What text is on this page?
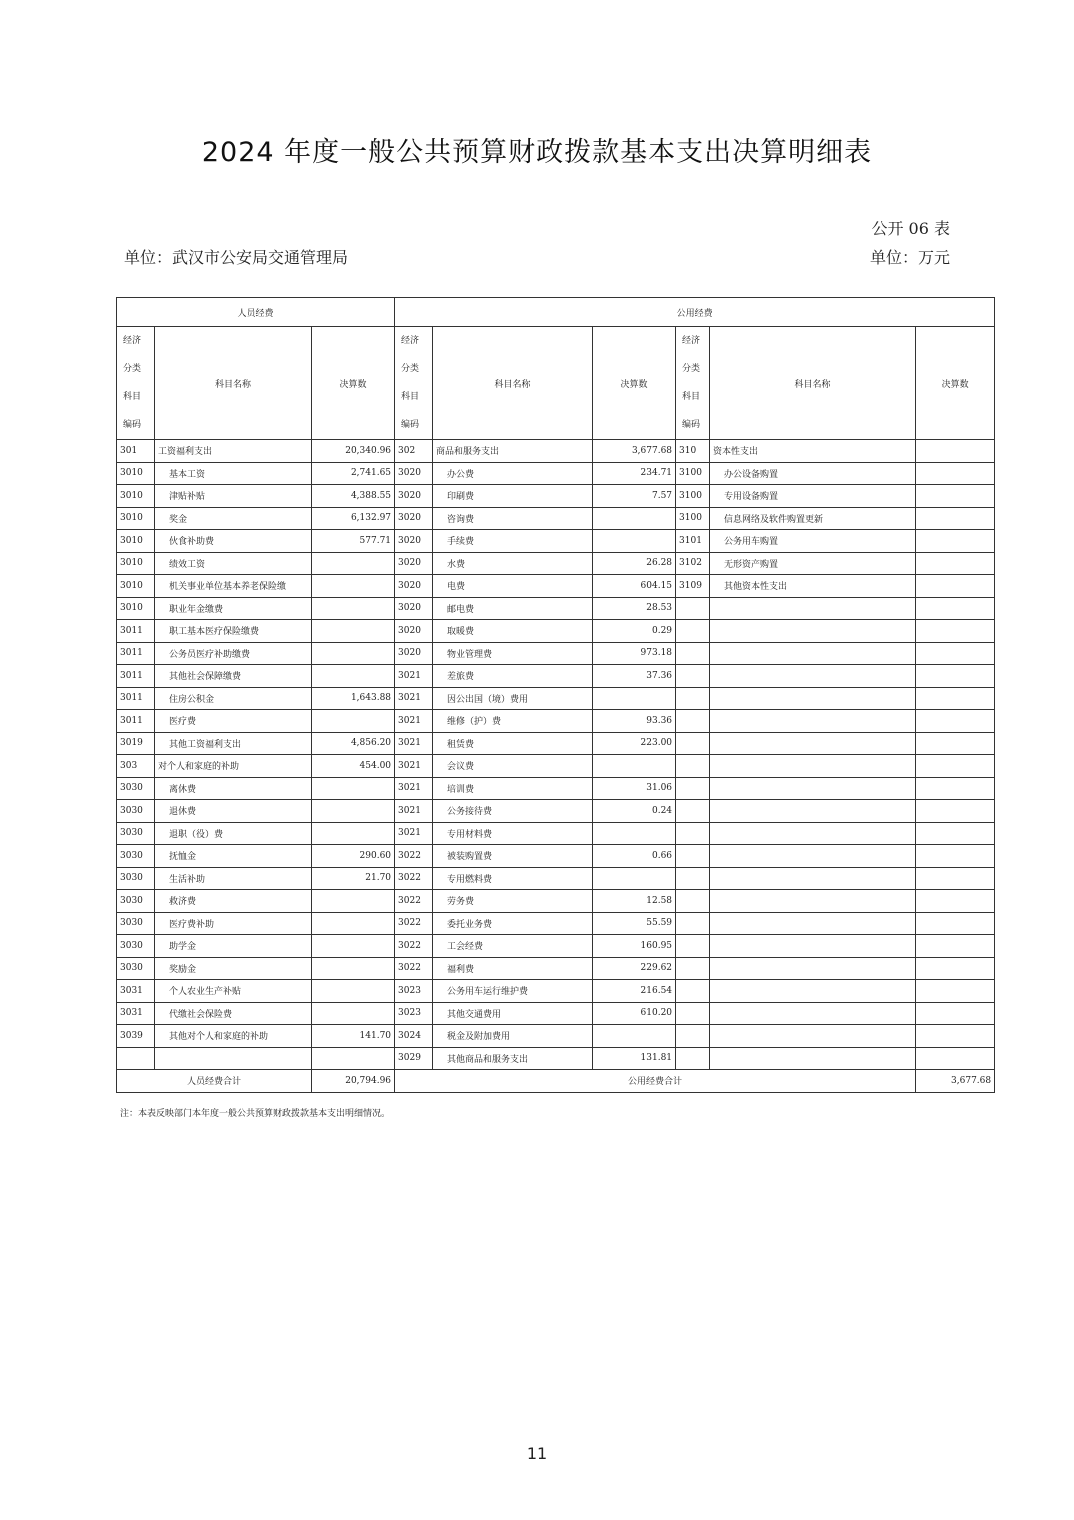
2024 年度一般公共预算财政拨款基本支出决算明细表
公开 06 表
单位：武汉市公安局交通管理局	单位：万元
人员经费			公用经费					
经济
分类
科目
编码	科目名称	决算数	经济
分类
科目
编码	科目名称	决算数	经济
分类
科目
编码	科目名称	决算数
301	工资福利支出	20,340.96	302	商品和服务支出	3,677.68	310	资本性支出	
3010	基本工资	2,741.65	3020	办公费	234.71	3100	办公设备购置	
3010	津贴补贴	4,388.55	3020	印刷费	7.57	3100	专用设备购置	
3010	奖金	6,132.97	3020	咨询费		3100	信息网络及软件购置更新	
3010	伙食补助费	577.71	3020	手续费		3101	公务用车购置	
3010	绩效工资		3020	水费	26.28	3102	无形资产购置	
3010	机关事业单位基本养老保险缴		3020	电费	604.15	3109	其他资本性支出	
3010	职业年金缴费		3020	邮电费	28.53			
3011	职工基本医疗保险缴费		3020	取暖费	0.29			
3011	公务员医疗补助缴费		3020	物业管理费	973.18			
3011	其他社会保障缴费		3021	差旅费	37.36			
3011	住房公积金	1,643.88	3021	因公出国（境）费用				
3011	医疗费		3021	维修（护）费	93.36			
3019	其他工资福利支出	4,856.20	3021	租赁费	223.00			
303	对个人和家庭的补助	454.00	3021	会议费				
3030	离休费		3021	培训费	31.06			
3030	退休费		3021	公务接待费	0.24			
3030	退职（役）费		3021	专用材料费				
3030	抚恤金	290.60	3022	被装购置费	0.66			
3030	生活补助	21.70	3022	专用燃料费				
3030	救济费		3022	劳务费	12.58			
3030	医疗费补助		3022	委托业务费	55.59			
3030	助学金		3022	工会经费	160.95			
3030	奖励金		3022	福利费	229.62			
3031	个人农业生产补贴		3023	公务用车运行维护费	216.54			
3031	代缴社会保险费		3023	其他交通费用	610.20			
3039	其他对个人和家庭的补助	141.70	3024	税金及附加费用				
			3029	其他商品和服务支出	131.81			
人员经费合计		20,794.96	公用经费合计					3,677.68
注：本表反映部门本年度一般公共预算财政拨款基本支出明细情况。
11
